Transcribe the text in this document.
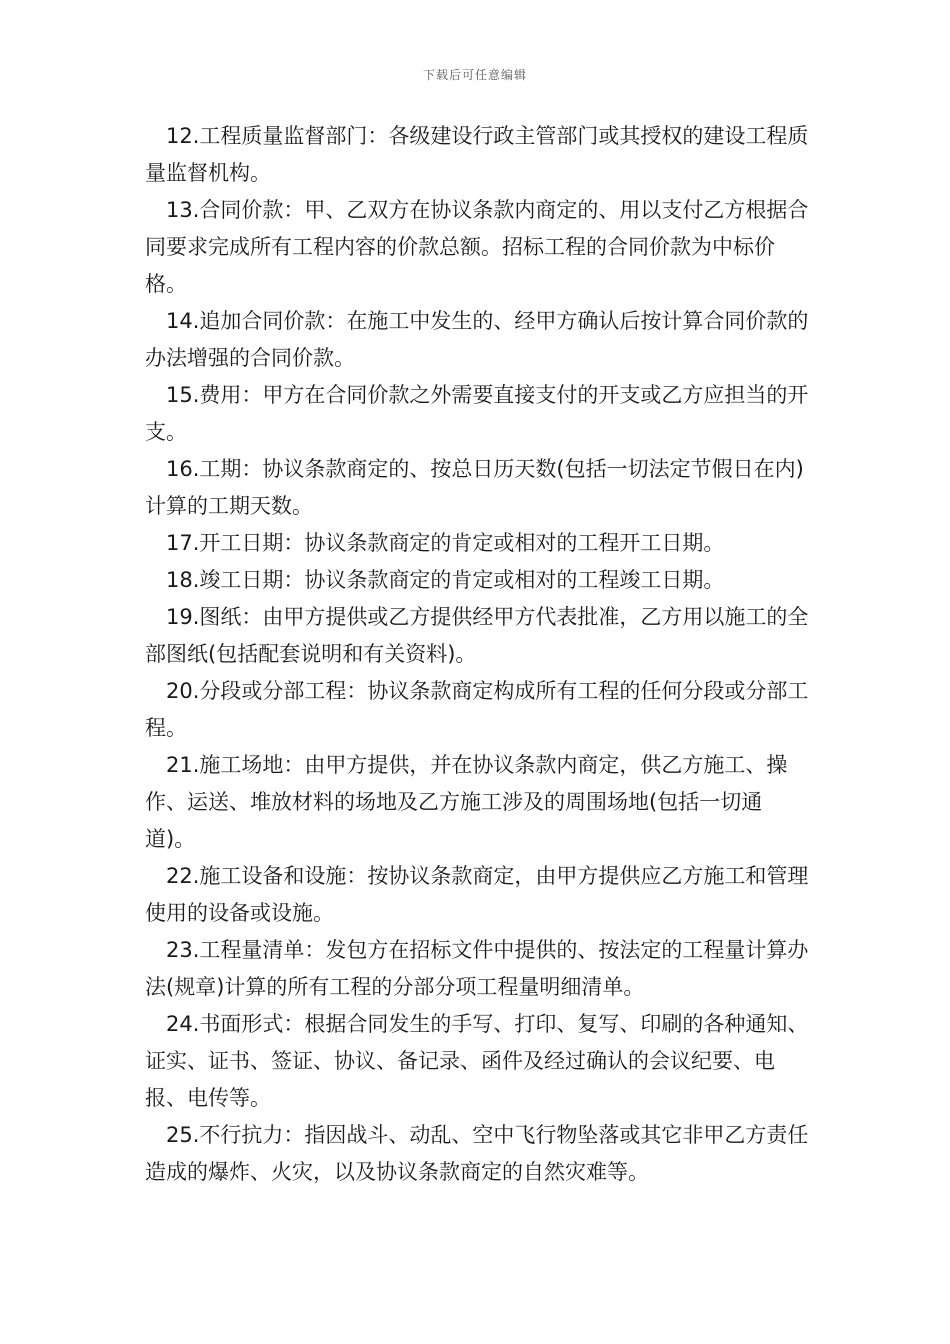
下载后可任意编辑

12.工程质量监督部门：各级建设行政主管部门或其授权的建设工程质量监督机构。

13.合同价款：甲、乙双方在协议条款内商定的、用以支付乙方根据合同要求完成所有工程内容的价款总额。招标工程的合同价款为中标价格。

14.追加合同价款：在施工中发生的、经甲方确认后按计算合同价款的办法增强的合同价款。

15.费用：甲方在合同价款之外需要直接支付的开支或乙方应担当的开支。

16.工期：协议条款商定的、按总日历天数(包括一切法定节假日在内)计算的工期天数。

17.开工日期：协议条款商定的肯定或相对的工程开工日期。

18.竣工日期：协议条款商定的肯定或相对的工程竣工日期。

19.图纸：由甲方提供或乙方提供经甲方代表批准，乙方用以施工的全部图纸(包括配套说明和有关资料)。

20.分段或分部工程：协议条款商定构成所有工程的任何分段或分部工程。

21.施工场地：由甲方提供，并在协议条款内商定，供乙方施工、操作、运送、堆放材料的场地及乙方施工涉及的周围场地(包括一切通道)。

22.施工设备和设施：按协议条款商定，由甲方提供应乙方施工和管理使用的设备或设施。

23.工程量清单：发包方在招标文件中提供的、按法定的工程量计算办法(规章)计算的所有工程的分部分项工程量明细清单。

24.书面形式：根据合同发生的手写、打印、复写、印刷的各种通知、证实、证书、签证、协议、备记录、函件及经过确认的会议纪要、电报、电传等。

25.不行抗力：指因战斗、动乱、空中飞行物坠落或其它非甲乙方责任造成的爆炸、火灾，以及协议条款商定的自然灾难等。
